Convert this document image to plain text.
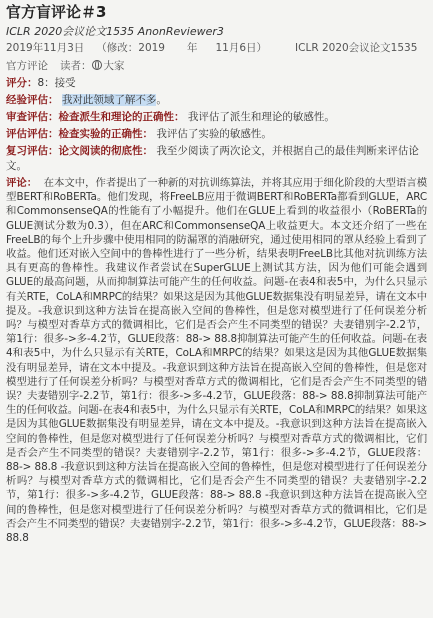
官方盲评论＃3
ICLR 2020会议论文1535 AnonReviewer3
2019年11月3日 （修改：2019 年 11月6日）	ICLR 2020会议论文1535
官方评论 读者： 大家
评分：8：接受
经验评估： 我对此领域了解不多。
审查评估：检查派生和理论的正确性： 我评估了派生和理论的敏感性。
评估评估：检查实验的正确性： 我评估了实验的敏感性。
复习评估：论文阅读的彻底性： 我至少阅读了两次论文，并根据自己的最佳判断来评估论文。
评论： 在本文中，作者提出了一种新的对抗训练算法，并将其应用于细化阶段的大型语言模型BERT和RoBERTa。他们发现，将FreeLB应用于微调BERT和RoBERTa都看到GLUE，ARC和CommonsenseQA的性能有了小幅提升。他们在GLUE上看到的收益很小（RoBERTa的GLUE测试分数为0.3），但在ARC和CommonsenseQA上收益更大。本文还介绍了一些在FreeLB的每个上升步骤中使用相同的防漏罩的消融研究，通过使用相同的罩从经验上看到了收益。他们还对嵌入空间中的鲁棒性进行了一些分析，结果表明FreeLB比其他对抗训练方法具有更高的鲁棒性。我建议作者尝试在SuperGLUE上测试其方法，因为他们可能会遇到GLUE的最高问题，从而抑制算法可能产生的任何收益。问题-在表4和表5中，为什么只显示有关RTE，CoLA和MRPC的结果？如果这是因为其他GLUE数据集没有明显差异，请在文本中提及。-我意识到这种方法旨在提高嵌入空间的鲁棒性，但是您对模型进行了任何误差分析吗？与模型对香草方式的微调相比，它们是否会产生不同类型的错误？夫妻错别字-2.2节，第1行：很多->多-4.2节，GLUE段落：88-> 88.8抑制算法可能产生的任何收益。问题-在表4和表5中，为什么只显示有关RTE，CoLA和MRPC的结果？如果这是因为其他GLUE数据集没有明显差异，请在文本中提及。-我意识到这种方法旨在提高嵌入空间的鲁棒性，但是您对模型进行了任何误差分析吗？与模型对香草方式的微调相比，它们是否会产生不同类型的错误？夫妻错别字-2.2节，第1行：很多->多-4.2节，GLUE段落：88-> 88.8抑制算法可能产生的任何收益。问题-在表4和表5中，为什么只显示有关RTE，CoLA和MRPC的结果？如果这是因为其他GLUE数据集没有明显差异，请在文本中提及。-我意识到这种方法旨在提高嵌入空间的鲁棒性，但是您对模型进行了任何误差分析吗？与模型对香草方式的微调相比，它们是否会产生不同类型的错误？夫妻错别字-2.2节，第1行：很多->多-4.2节，GLUE段落：88-> 88.8 -我意识到这种方法旨在提高嵌入空间的鲁棒性，但是您对模型进行了任何误差分析吗？与模型对香草方式的微调相比，它们是否会产生不同类型的错误？夫妻错别字-2.2节，第1行：很多->多-4.2节，GLUE段落：88-> 88.8 -我意识到这种方法旨在提高嵌入空间的鲁棒性，但是您对模型进行了任何误差分析吗？与模型对香草方式的微调相比，它们是否会产生不同类型的错误？夫妻错别字-2.2节，第1行：很多->多-4.2节，GLUE段落：88-> 88.8
